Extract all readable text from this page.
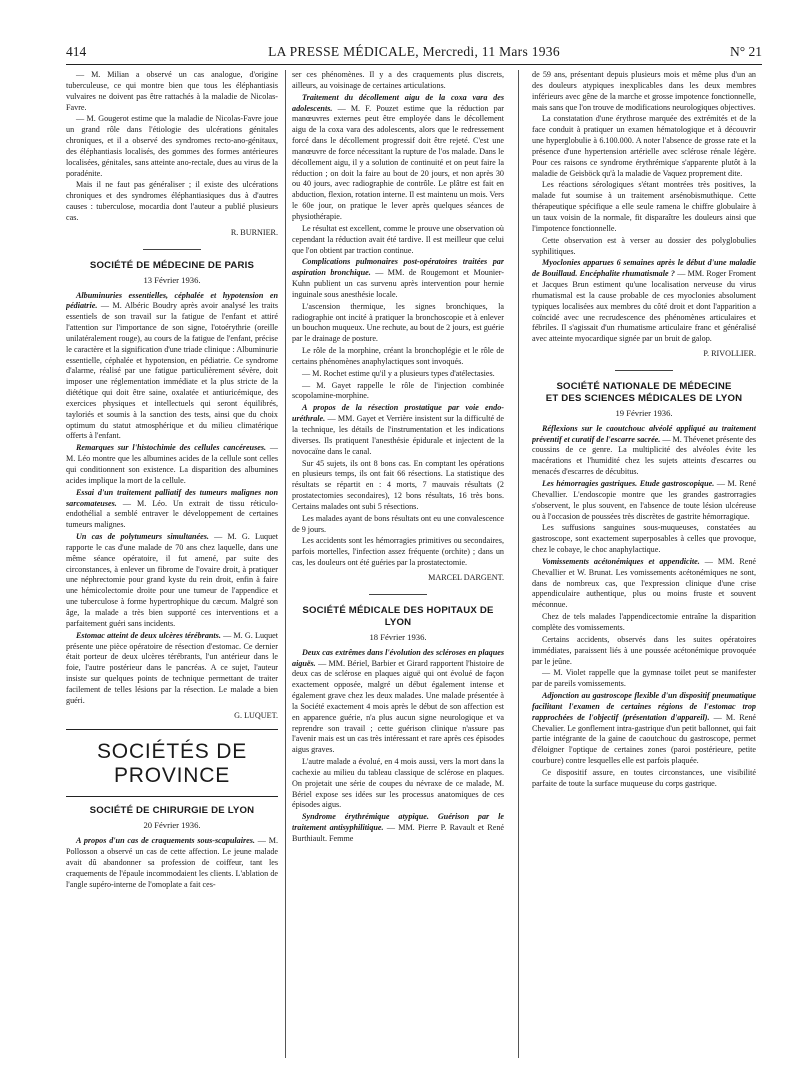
414	LA PRESSE MÉDICALE, Mercredi, 11 Mars 1936	N° 21

— M. Milian a observé un cas analogue, d'origine tuberculeuse, ce qui montre bien que tous les éléphantiasis vulvaires ne doivent pas être rattachés à la maladie de Nicolas-Favre.

— M. Gougerot estime que la maladie de Nicolas-Favre joue un grand rôle dans l'étiologie des ulcérations génitales chroniques, et il a observé des syndromes recto-ano-génitaux, des éléphantiasis localisés, des gommes des formes antérieures localisées, génitales, sans atteinte ano-rectale, dues au virus de la poradénite.

Mais il ne faut pas généraliser ; il existe des ulcérations chroniques et des syndromes éléphantiasiques dus à d'autres causes : tuberculose, mocardia dont l'auteur a publié plusieurs cas.

R. BURNIER.

SOCIÉTÉ DE MÉDECINE DE PARIS
13 Février 1936.

Albuminuries essentielles, céphalée et hypotension en pédiatrie. — M. Albéric Boudry après avoir analysé les traits essentiels de son travail sur la fatigue de l'enfant et attiré l'attention sur l'importance de son signe, l'otoérythrie (oreille unilatéralement rouge), au cours de la fatigue de l'enfant, précise le caractère et la signification d'une triade clinique : Albuminurie essentielle, céphalée et hypotension, en pédiatrie. Ce syndrome d'alarme, réalisé par une fatigue particulièrement sévère, doit imposer une réglementation immédiate et la plus stricte de la diététique qui doit être saine, oxalatée et antiuricémique, des exercices physiques et intellectuels qui seront équilibrés, tayloriés et soumis à la sanction des tests, ainsi que du choix optimum du statut atmosphérique et du milieu climatérique offerts à l'enfant.

Remarques sur l'histochimie des cellules cancéreuses. — M. Léo montre que les albumines acides de la cellule sont celles qui conditionnent son existence. La disparition des albumines acides implique la mort de la cellule.

Essai d'un traitement palliatif des tumeurs malignes non sarcomateuses. — M. Léo. Un extrait de tissu réticulo-endothélial a semblé entraver le développement de certaines tumeurs malignes.

Un cas de polytumeurs simultanées. — M. G. Luquet rapporte le cas d'une malade de 70 ans chez laquelle, dans une même séance opératoire, il fut amené, par suite des circonstances, à enlever un fibrome de l'ovaire droit, à pratiquer une néphrectomie pour grand kyste du rein droit, enfin à faire une hémicolectomie droite pour une tumeur de l'appendice et une tuberculose à forme hypertrophique du cæcum. Malgré son âge, la malade a très bien supporté ces interventions et a parfaitement guéri sans incidents.

Estomac atteint de deux ulcères térébrants. — M. G. Luquet présente une pièce opératoire de résection d'estomac. Ce dernier était porteur de deux ulcères térébrants, l'un antérieur dans le foie, l'autre postérieur dans le pancréas. A ce sujet, l'auteur insiste sur quelques points de technique permettant de traiter facilement de telles lésions par la résection. Le malade a bien guéri.

G. LUQUET.

SOCIÉTÉS DE PROVINCE
SOCIÉTÉ DE CHIRURGIE DE LYON
20 Février 1936.

A propos d'un cas de craquements sous-scapulaires. — M. Pollosson a observé un cas de cette affection. Le jeune malade avait dû abandonner sa profession de coiffeur, tant les craquements de l'épaule incommodaient les clients. L'ablation de l'angle supéro-interne de l'omoplate a fait ces-

ser ces phénomènes. Il y a des craquements plus discrets, ailleurs, au voisinage de certaines articulations.

Traitement du décollement aigu de la coxa vara des adolescents. — M. F. Pouzet estime que la réduction par manœuvres externes peut être employée dans le décollement aigu de la coxa vara des adolescents, alors que le redressement forcé dans le décollement progressif doit être rejeté. C'est une manœuvre de force nécessitant la rupture de l'os malade. Dans le décollement aigu, il y a solution de continuité et on peut faire la réduction ; on doit la faire au bout de 20 jours, et non après 30 ou 40 jours, avec radiographie de contrôle. Le plâtre est fait en abduction, flexion, rotation interne. Il est maintenu un mois. Vers le 60e jour, on pratique le lever après quelques séances de physiothérapie.

Le résultat est excellent, comme le prouve une observation où cependant la réduction avait été tardive. Il est meilleur que celui que l'on obtient par traction continue.

Complications pulmonaires post-opératoires traitées par aspiration bronchique. — MM. de Rougemont et Mounier-Kuhn publient un cas survenu après intervention pour hernie inguinale sous anesthésie locale.

L'ascension thermique, les signes bronchiques, la radiographie ont incité à pratiquer la bronchoscopie et à enlever un bouchon muqueux. Une rechute, au bout de 2 jours, est guérie par le drainage de posture.

Le rôle de la morphine, créant la bronchoplégie et le rôle de certains phénomènes anaphylactiques sont invoqués.

— M. Rochet estime qu'il y a plusieurs types d'atélectasies.

— M. Gayet rappelle le rôle de l'injection combinée scopolamine-morphine.

A propos de la résection prostatique par voie endo-uréthrale. — MM. Gayet et Verrière insistent sur la difficulté de la technique, les détails de l'instrumentation et les indications diverses. Ils pratiquent l'anesthésie épidurale et injectent de la novocaïne dans le canal.

Sur 45 sujets, ils ont 8 bons cas. En comptant les opérations en plusieurs temps, ils ont fait 66 résections. La statistique des résultats se répartit en : 4 morts, 7 mauvais résultats (2 prostatectomies secondaires), 12 bons résultats, 16 très bons. Certains malades ont subi 5 résections.

Les malades ayant de bons résultats ont eu une convalescence de 9 jours.

Les accidents sont les hémorragies primitives ou secondaires, parfois mortelles, l'infection assez fréquente (orchite) ; dans un cas, les douleurs ont été guéries par la prostatectomie.

MARCEL DARGENT.

SOCIÉTÉ MÉDICALE DES HOPITAUX DE LYON
18 Février 1936.

Deux cas extrêmes dans l'évolution des scléroses en plaques aiguës. — MM. Bériel, Barbier et Girard rapportent l'histoire de deux cas de sclérose en plaques aiguë qui ont évolué de façon exactement opposée, malgré un début également intense et également grave chez les deux malades. Une malade présentée à la Société exactement 4 mois après le début de son affection est en apparence guérie, n'a plus aucun signe neurologique et va reprendre son travail ; cette guérison clinique n'assure pas l'avenir mais est un cas très intéressant et rare après ces épisodes aigus graves.

L'autre malade a évolué, en 4 mois aussi, vers la mort dans la cachexie au milieu du tableau classique de sclérose en plaques. On projetait une série de coupes du névraxe de ce malade, M. Bériel expose ses idées sur les processus anatomiques de ces épisodes aigus.

Syndrome érythrémique atypique. Guérison par le traitement antisyphilitique. — MM. Pierre P. Ravault et René Burthiault. Femme

de 59 ans, présentant depuis plusieurs mois et même plus d'un an des douleurs atypiques inexplicables dans les deux membres inférieurs avec gêne de la marche et grosse impotence fonctionnelle, mais sans que l'on trouve de modifications neurologiques objectives.

La constatation d'une érythrose marquée des extrémités et de la face conduit à pratiquer un examen hématologique et à découvrir une hyperglobulie à 6.100.000. A noter l'absence de grosse rate et la présence d'une hypertension artérielle avec sclérose rénale légère. Pour ces raisons ce syndrome érythrémique s'apparente plutôt à la maladie de Geisböck qu'à la maladie de Vaquez proprement dite.

Les réactions sérologiques s'étant montrées très positives, la malade fut soumise à un traitement arsénobismuthique. Cette thérapeutique spécifique a elle seule ramena le chiffre globulaire à un taux voisin de la normale, fit disparaître les douleurs ainsi que l'impotence fonctionnelle.

Cette observation est à verser au dossier des polyglobulies syphilitiques.

Myoclonies apparues 6 semaines après le début d'une maladie de Bouillaud. Encéphalite rhumatismale ? — MM. Roger Froment et Jacques Brun estiment qu'une localisation nerveuse du virus rhumatismal est la cause probable de ces myoclonies absolument typiques localisées aux membres du côté droit et dont l'apparition a coïncidé avec une recrudescence des phénomènes articulaires et fébriles. Il s'agissait d'un rhumatisme articulaire franc et généralisé avec atteinte myocardique signée par un bruit de galop.

P. RIVOLLIER.

SOCIÉTÉ NATIONALE DE MÉDECINE
ET DES SCIENCES MÉDICALES DE LYON
19 Février 1936.

Réflexions sur le caoutchouc alvéolé appliqué au traitement préventif et curatif de l'escarre sacrée. — M. Thévenet présente des coussins de ce genre. La multiplicité des alvéoles évite les macérations et l'humidité chez les sujets atteints d'escarres ou menacés d'escarres de décubitus.

Les hémorragies gastriques. Etude gastroscopique. — M. René Chevallier. L'endoscopie montre que les grandes gastrorragies s'observent, le plus souvent, en l'absence de toute lésion ulcéreuse ou à l'occasion de poussées très discrètes de gastrite hémorragique.

Les suffusions sanguines sous-muqueuses, constatées au gastroscope, sont exactement superposables à celles que provoque, chez le cobaye, le choc anaphylactique.

Vomissements acétonémiques et appendicite. — MM. René Chevallier et W. Brunat. Les vomissements acétonémiques ne sont, dans de nombreux cas, que l'expression clinique d'une crise appendiculaire authentique, plus ou moins fruste et souvent méconnue.

Chez de tels malades l'appendicectomie entraîne la disparition complète des vomissements.

Certains accidents, observés dans les suites opératoires immédiates, paraissent liés à une poussée acétonémique provoquée par le jeûne.

— M. Violet rappelle que la gymnase toilet peut se manifester par de pareils vomissements.

Adjonction au gastroscope flexible d'un dispositif pneumatique facilitant l'examen de certaines régions de l'estomac trop rapprochées de l'objectif (présentation d'appareil). — M. René Chevalier. Le gonflement intra-gastrique d'un petit ballonnet, qui fait partie intégrante de la gaine de caoutchouc du gastroscope, permet d'éloigner l'optique de certaines zones (paroi postérieure, petite courbure) contre lesquelles elle est parfois plaquée.

Ce dispositif assure, en toutes circonstances, une visibilité parfaite de toute la surface muqueuse du corps gastrique.
